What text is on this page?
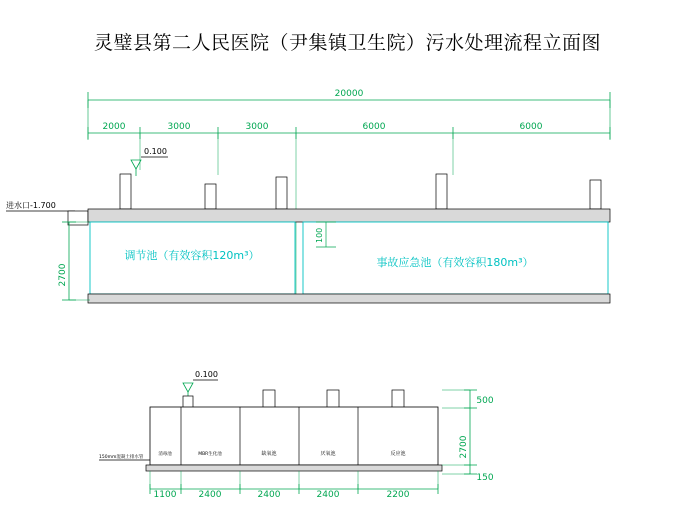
灵璧县第二人民医院（尹集镇卫生院）污水处理流程立面图
20000
2000	3000	3000	6000	6000
0.100
进水口-1.700
调节池（有效容积120m³）
事故应急池（有效容积180m³）
100
2700
0.100
消毒池	MBR生化池	缺氧池	厌氧池	反应池
150mm混凝土排水管
1100 2400	2400	2400	2200
500
2700
150
